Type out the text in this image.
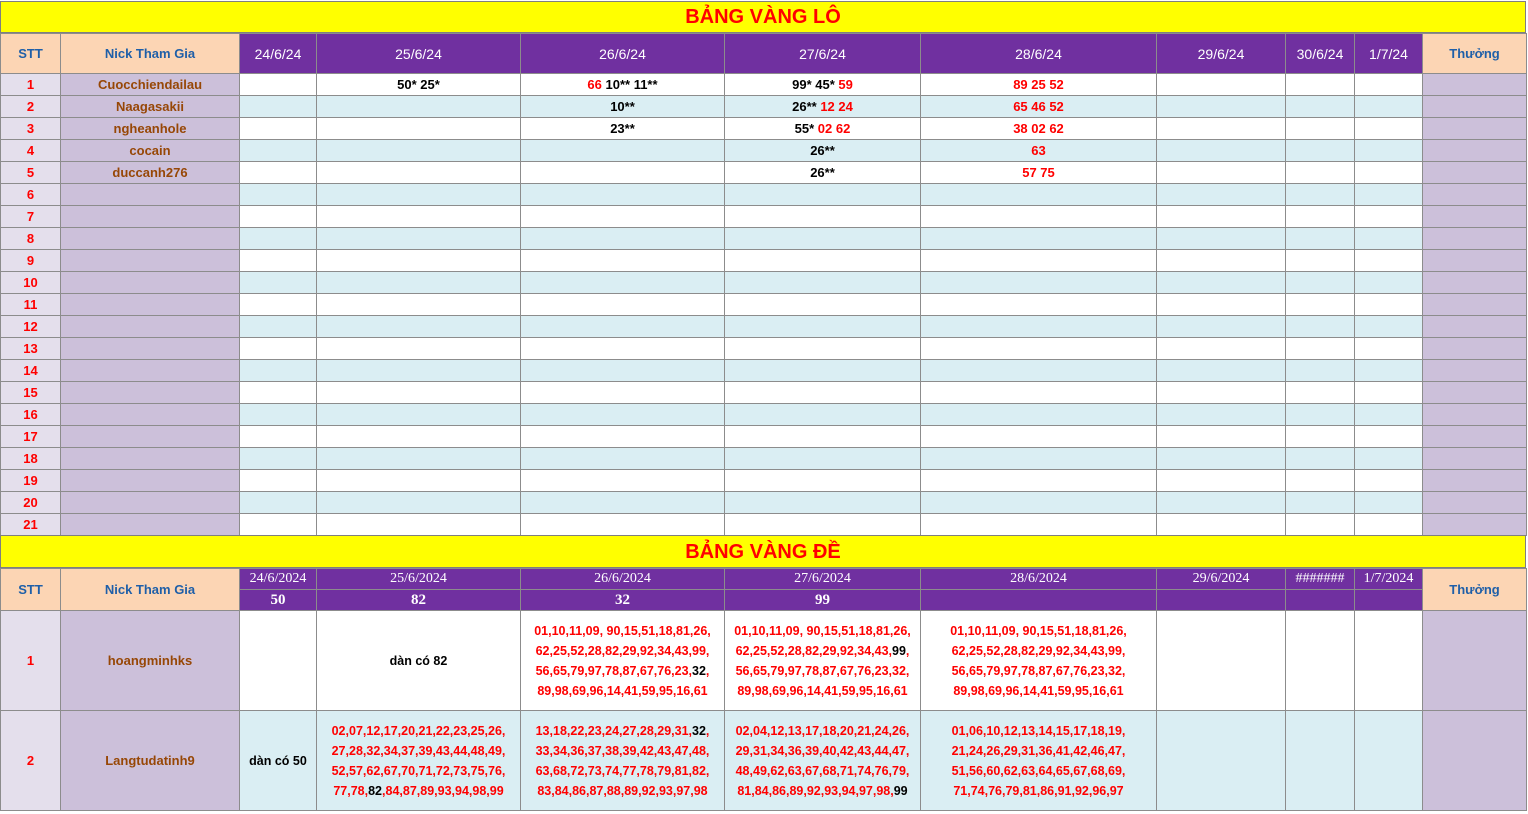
BẢNG VÀNG LÔ
STT	Nick Tham Gia	24/6/24	25/6/24	26/6/24	27/6/24	28/6/24	29/6/24	30/6/24	1/7/24	Thưởng
1	Cuocchiendailau		50* 25*	66 10** 11**	99* 45* 59	89 25 52				
2	Naagasakii			10**	26** 12 24	65 46 52				
3	ngheanhole			23**	55* 02 62	38 02 62				
4	cocain				26**	63				
5	duccanh276				26**	57 75				
6										
7										
8										
9										
10										
11										
12										
13										
14										
15										
16										
17										
18										
19										
20										
21										
BẢNG VÀNG ĐỀ
STT	Nick Tham Gia	24/6/2024	25/6/2024	26/6/2024	27/6/2024	28/6/2024	29/6/2024	#######	1/7/2024	Thưởng
		50	82	32	99					
1	hoangminhks		dàn có 82	01,10,11,09, 90,15,51,18,81,26,
62,25,52,28,82,29,92,34,43,99,
56,65,79,97,78,87,67,76,23,32,
89,98,69,96,14,41,59,95,16,61	01,10,11,09, 90,15,51,18,81,26,
62,25,52,28,82,29,92,34,43,99,
56,65,79,97,78,87,67,76,23,32,
89,98,69,96,14,41,59,95,16,61	01,10,11,09, 90,15,51,18,81,26,
62,25,52,28,82,29,92,34,43,99,
56,65,79,97,78,87,67,76,23,32,
89,98,69,96,14,41,59,95,16,61				
2	Langtudatinh9	dàn có 50	02,07,12,17,20,21,22,23,25,26,
27,28,32,34,37,39,43,44,48,49,
52,57,62,67,70,71,72,73,75,76,
77,78,82,84,87,89,93,94,98,99	13,18,22,23,24,27,28,29,31,32,
33,34,36,37,38,39,42,43,47,48,
63,68,72,73,74,77,78,79,81,82,
83,84,86,87,88,89,92,93,97,98	02,04,12,13,17,18,20,21,24,26,
29,31,34,36,39,40,42,43,44,47,
48,49,62,63,67,68,71,74,76,79,
81,84,86,89,92,93,94,97,98,99	01,06,10,12,13,14,15,17,18,19,
21,24,26,29,31,36,41,42,46,47,
51,56,60,62,63,64,65,67,68,69,
71,74,76,79,81,86,91,92,96,97				
